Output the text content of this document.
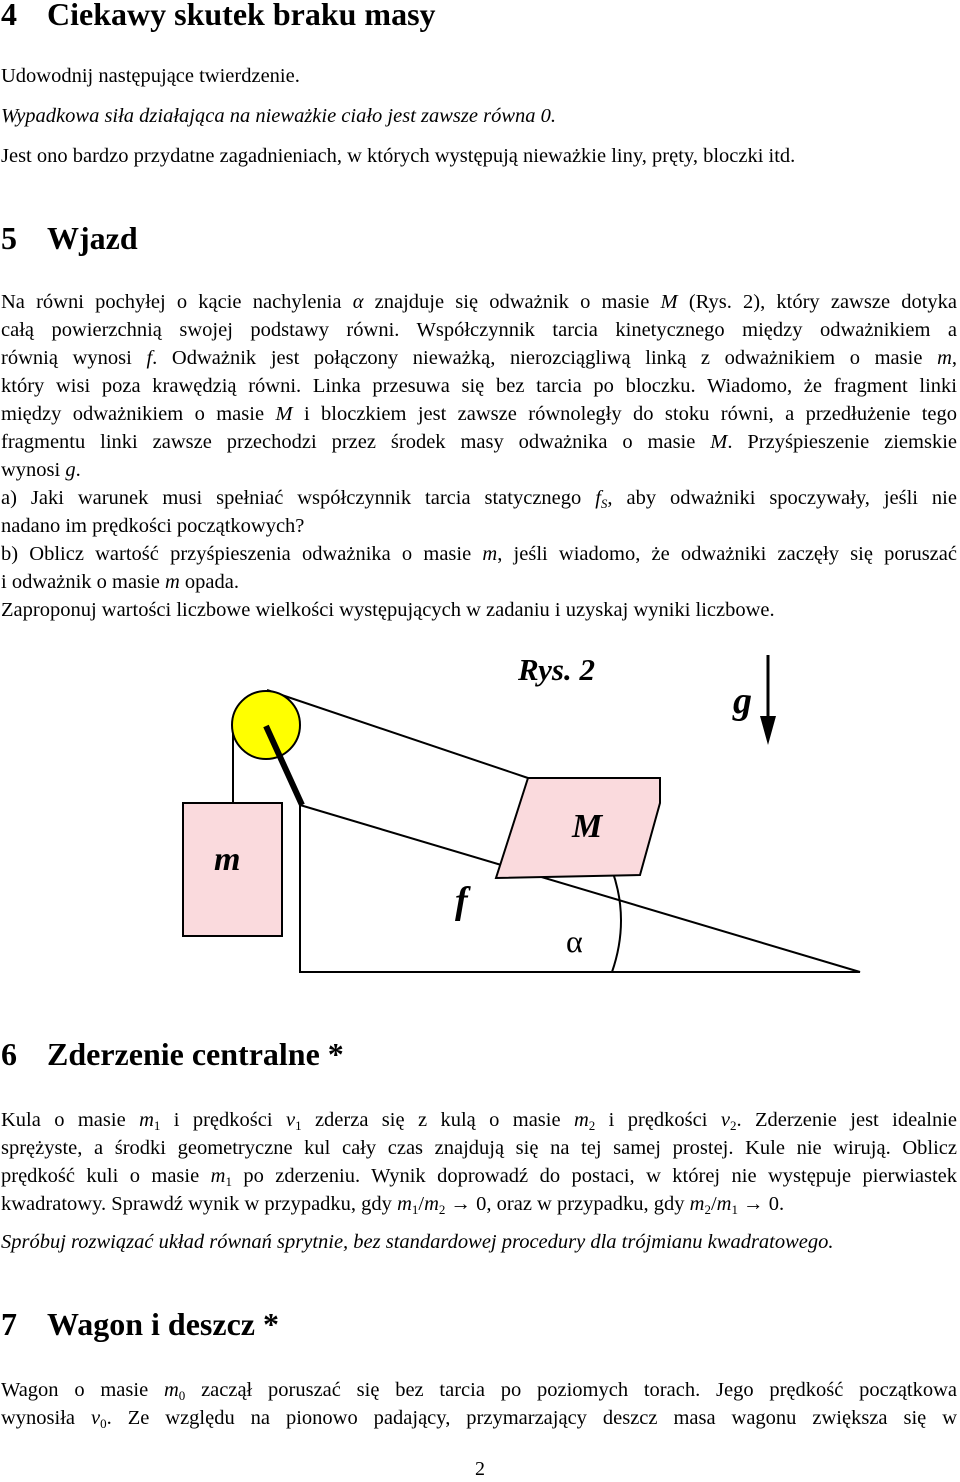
4 Ciekawy skutek braku masy
Udowodnij następujące twierdzenie.
Wypadkowa siła działająca na nieważkie ciało jest zawsze równa 0.
Jest ono bardzo przydatne zagadnieniach, w których występują nieważkie liny, pręty, bloczki itd.
5 Wjazd
Na równi pochyłej o kącie nachylenia α znajduje się odważnik o masie M (Rys. 2), który zawsze dotyka
całą powierzchnią swojej podstawy równi. Współczynnik tarcia kinetycznego między odważnikiem a
równią wynosi f. Odważnik jest połączony nieważką, nierozciągliwą linką z odważnikiem o masie m,
który wisi poza krawędzią równi. Linka przesuwa się bez tarcia po bloczku. Wiadomo, że fragment linki
między odważnikiem o masie M i bloczkiem jest zawsze równoległy do stoku równi, a przedłużenie tego
fragmentu linki zawsze przechodzi przez środek masy odważnika o masie M. Przyśpieszenie ziemskie
wynosi g.
a) Jaki warunek musi spełniać współczynnik tarcia statycznego $f_S$, aby odważniki spoczywały, jeśli nie
nadano im prędkości początkowych?
b) Oblicz wartość przyśpieszenia odważnika o masie m, jeśli wiadomo, że odważniki zaczęły się poruszać
i odważnik o masie m opada.
Zaproponuj wartości liczbowe wielkości występujących w zadaniu i uzyskaj wyniki liczbowe.
Rys. 2
g
m
M
f
α
6 Zderzenie centralne *
Kula o masie $m_1$ i prędkości $v_1$ zderza się z kulą o masie $m_2$ i prędkości $v_2$. Zderzenie jest idealnie
sprężyste, a środki geometryczne kul cały czas znajdują się na tej samej prostej. Kule nie wirują. Oblicz
prędkość kuli o masie $m_1$ po zderzeniu. Wynik doprowadź do postaci, w której nie występuje pierwiastek
kwadratowy. Sprawdź wynik w przypadku, gdy $m_1/m_2 \to 0$, oraz w przypadku, gdy $m_2/m_1 \to 0$.
Spróbuj rozwiązać układ równań sprytnie, bez standardowej procedury dla trójmianu kwadratowego.
7 Wagon i deszcz *
Wagon o masie $m_0$ zaczął poruszać się bez tarcia po poziomych torach. Jego prędkość początkowa
wynosiła $v_0$. Ze względu na pionowo padający, przymarzający deszcz masa wagonu zwiększa się w
2
